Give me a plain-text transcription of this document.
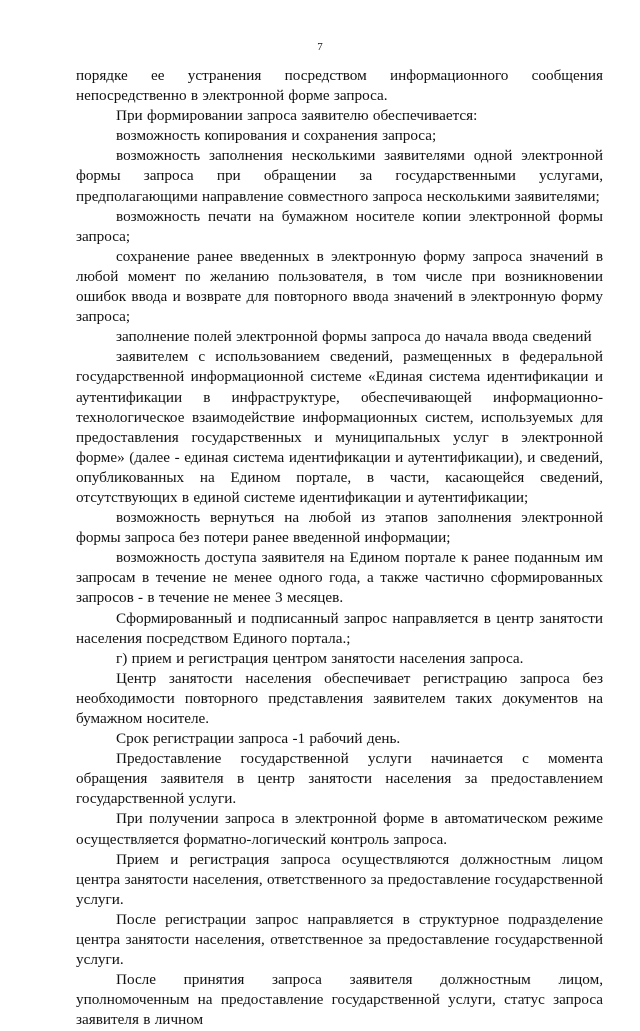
7

порядке ее устранения посредством информационного сообщения непосредственно в электронной форме запроса.

При формировании запроса заявителю обеспечивается:

возможность копирования и сохранения запроса;

возможность заполнения несколькими заявителями одной электронной формы запроса при обращении за государственными услугами, предполагающими направление совместного запроса несколькими заявителями;

возможность печати на бумажном носителе копии электронной формы запроса;

сохранение ранее введенных в электронную форму запроса значений в любой момент по желанию пользователя, в том числе при возникновении ошибок ввода и возврате для повторного ввода значений в электронную форму запроса;

заполнение полей электронной формы запроса до начала ввода сведений

заявителем с использованием сведений, размещенных в федеральной государственной информационной системе «Единая система идентификации и аутентификации в инфраструктуре, обеспечивающей информационно-технологическое взаимодействие информационных систем, используемых для предоставления государственных и муниципальных услуг в электронной форме» (далее - единая система идентификации и аутентификации), и сведений, опубликованных на Едином портале, в части, касающейся сведений, отсутствующих в единой системе идентификации и аутентификации;

возможность вернуться на любой из этапов заполнения электронной формы запроса без потери ранее введенной информации;

возможность доступа заявителя на Едином портале к ранее поданным им запросам в течение не менее одного года, а также частично сформированных запросов - в течение не менее 3 месяцев.

Сформированный и подписанный запрос направляется в центр занятости населения посредством Единого портала.;

г) прием и регистрация центром занятости населения запроса.

Центр занятости населения обеспечивает регистрацию запроса без необходимости повторного представления заявителем таких документов на бумажном носителе.

Срок регистрации запроса -1 рабочий день.

Предоставление государственной услуги начинается с момента обращения заявителя в центр занятости населения за предоставлением государственной услуги.

При получении запроса в электронной форме в автоматическом режиме осуществляется форматно-логический контроль запроса.

Прием и регистрация запроса осуществляются должностным лицом центра занятости населения, ответственного за предоставление государственной услуги.

После регистрации запрос направляется в структурное подразделение центра занятости населения, ответственное за предоставление государственной услуги.

После принятия запроса заявителя должностным лицом, уполномоченным на предоставление государственной услуги, статус запроса заявителя в личном
